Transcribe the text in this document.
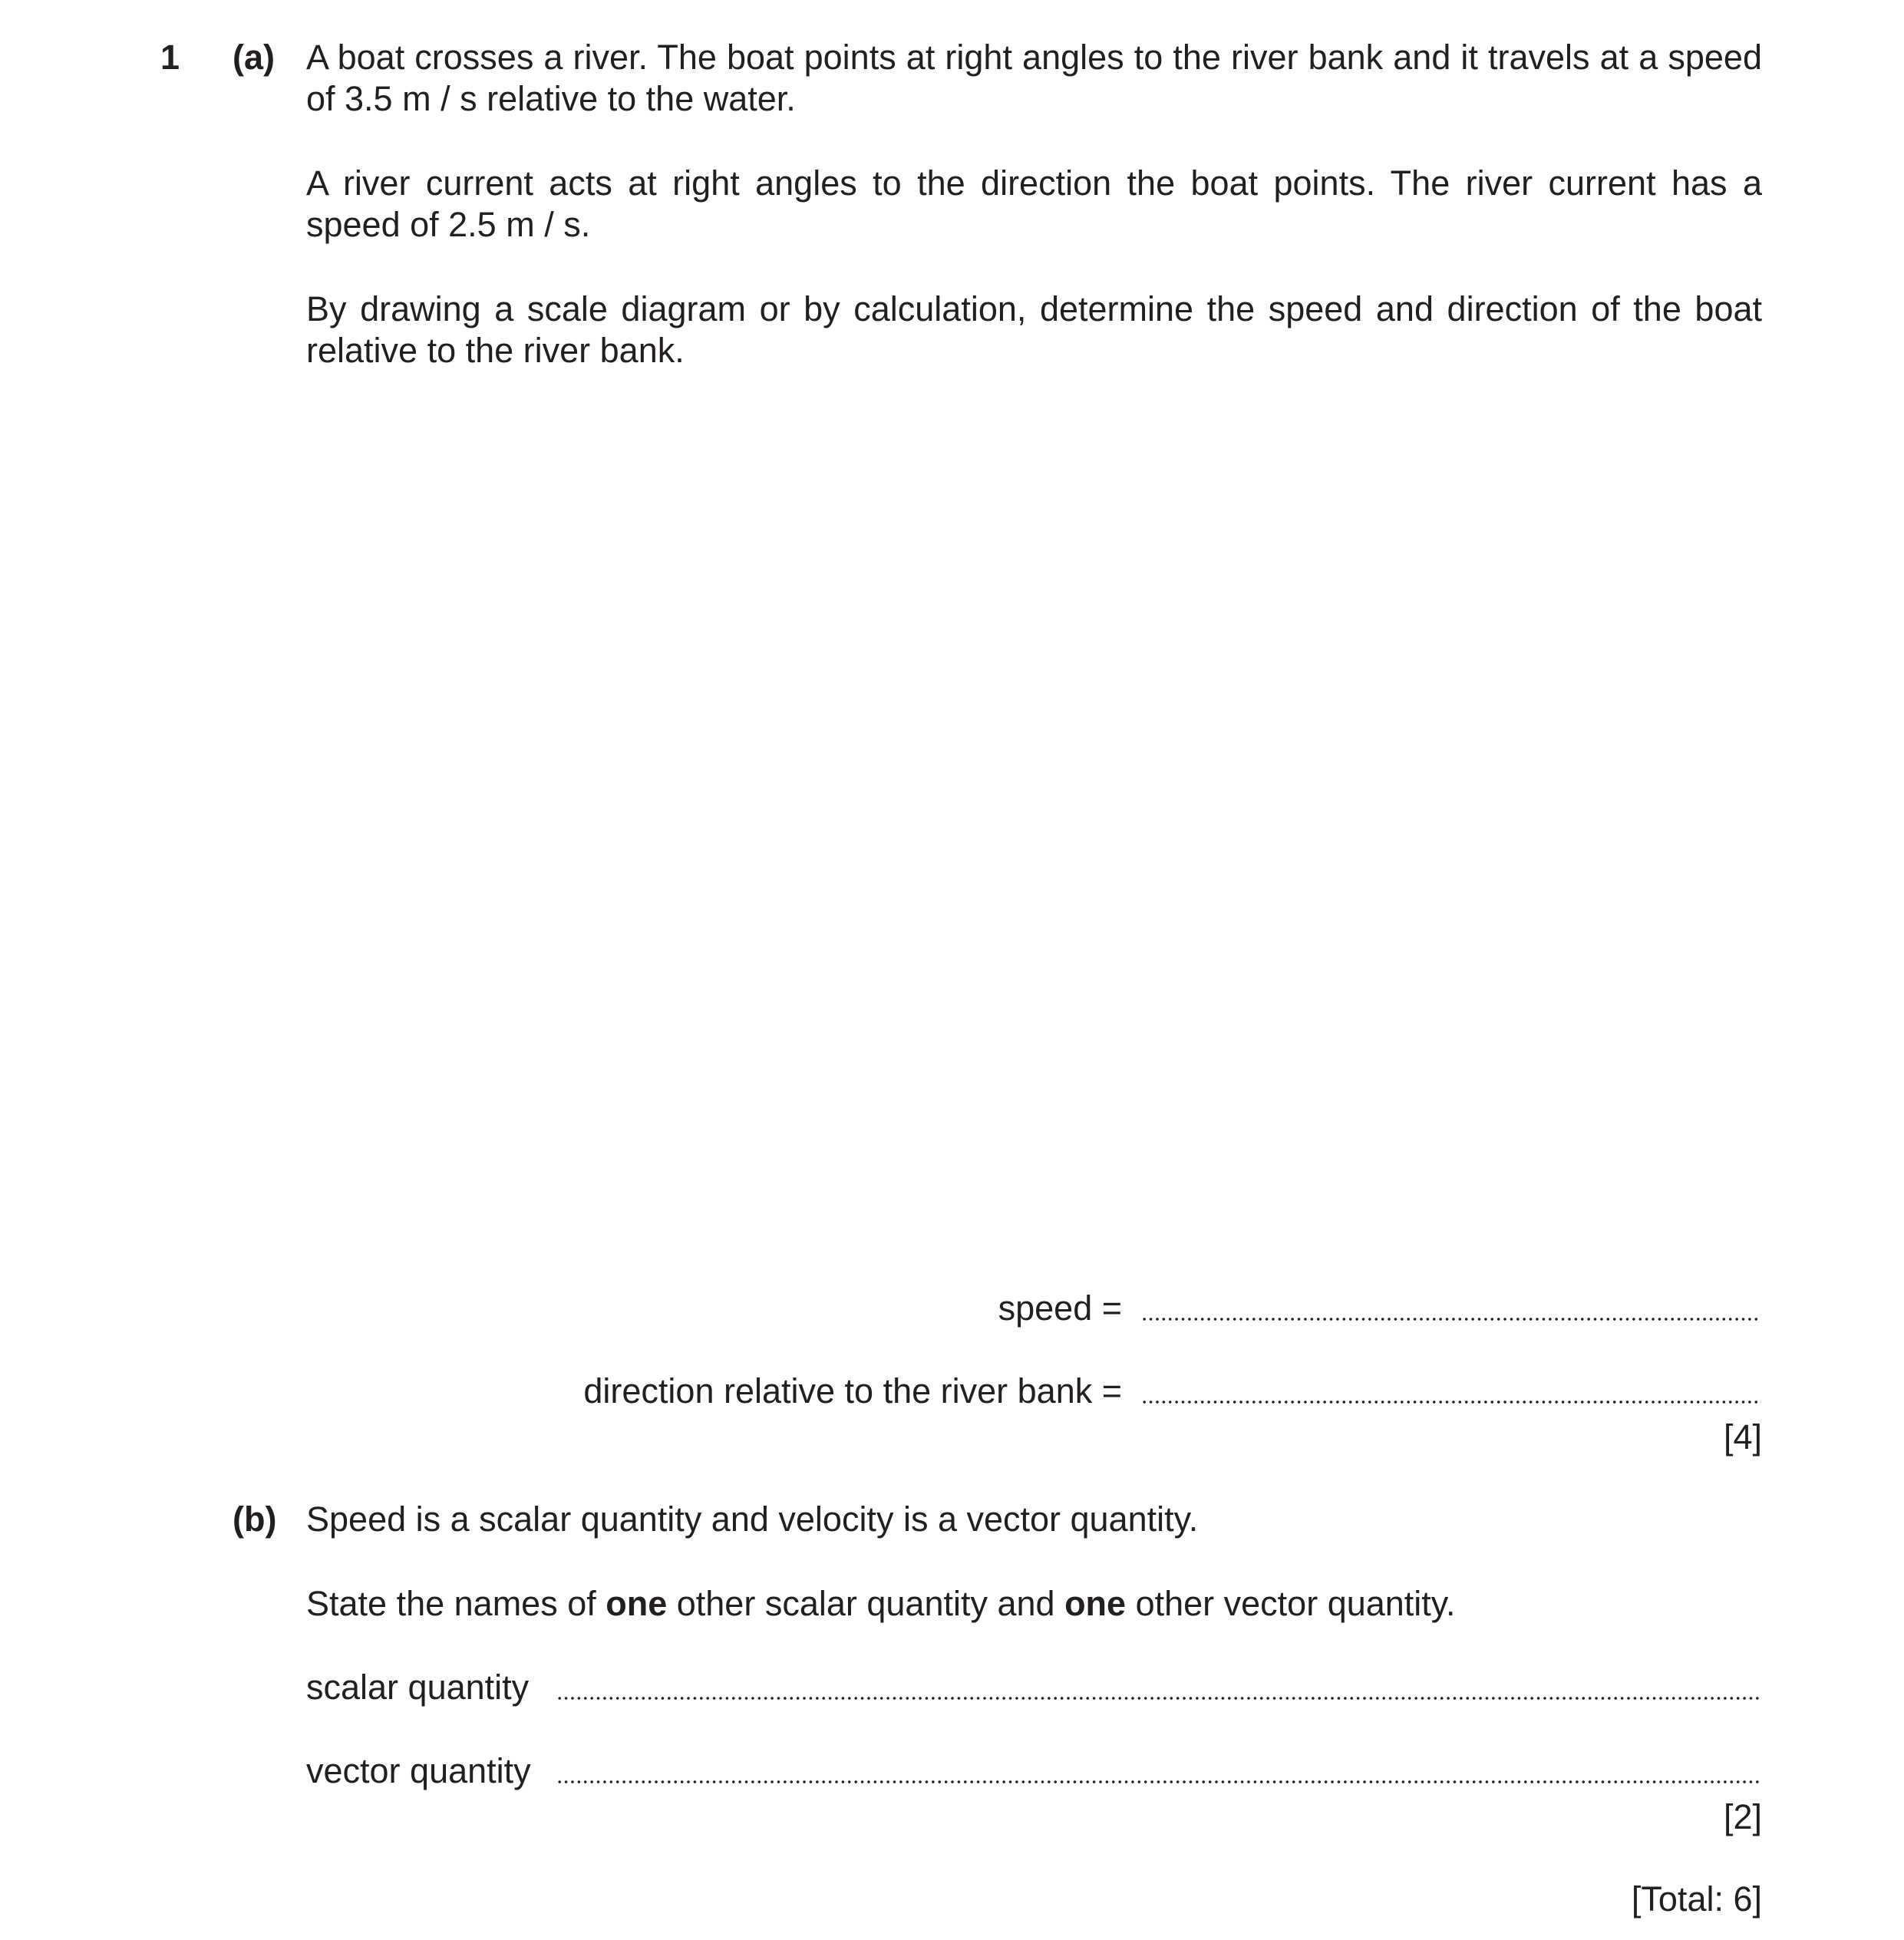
1 (a) A boat crosses a river. The boat points at right angles to the river bank and it travels at a speed of 3.5 m / s relative to the water.
A river current acts at right angles to the direction the boat points. The river current has a speed of 2.5 m / s.
By drawing a scale diagram or by calculation, determine the speed and direction of the boat relative to the river bank.
speed =
direction relative to the river bank =
[4]
(b) Speed is a scalar quantity and velocity is a vector quantity.
State the names of one other scalar quantity and one other vector quantity.
scalar quantity
vector quantity
[2]
[Total: 6]
